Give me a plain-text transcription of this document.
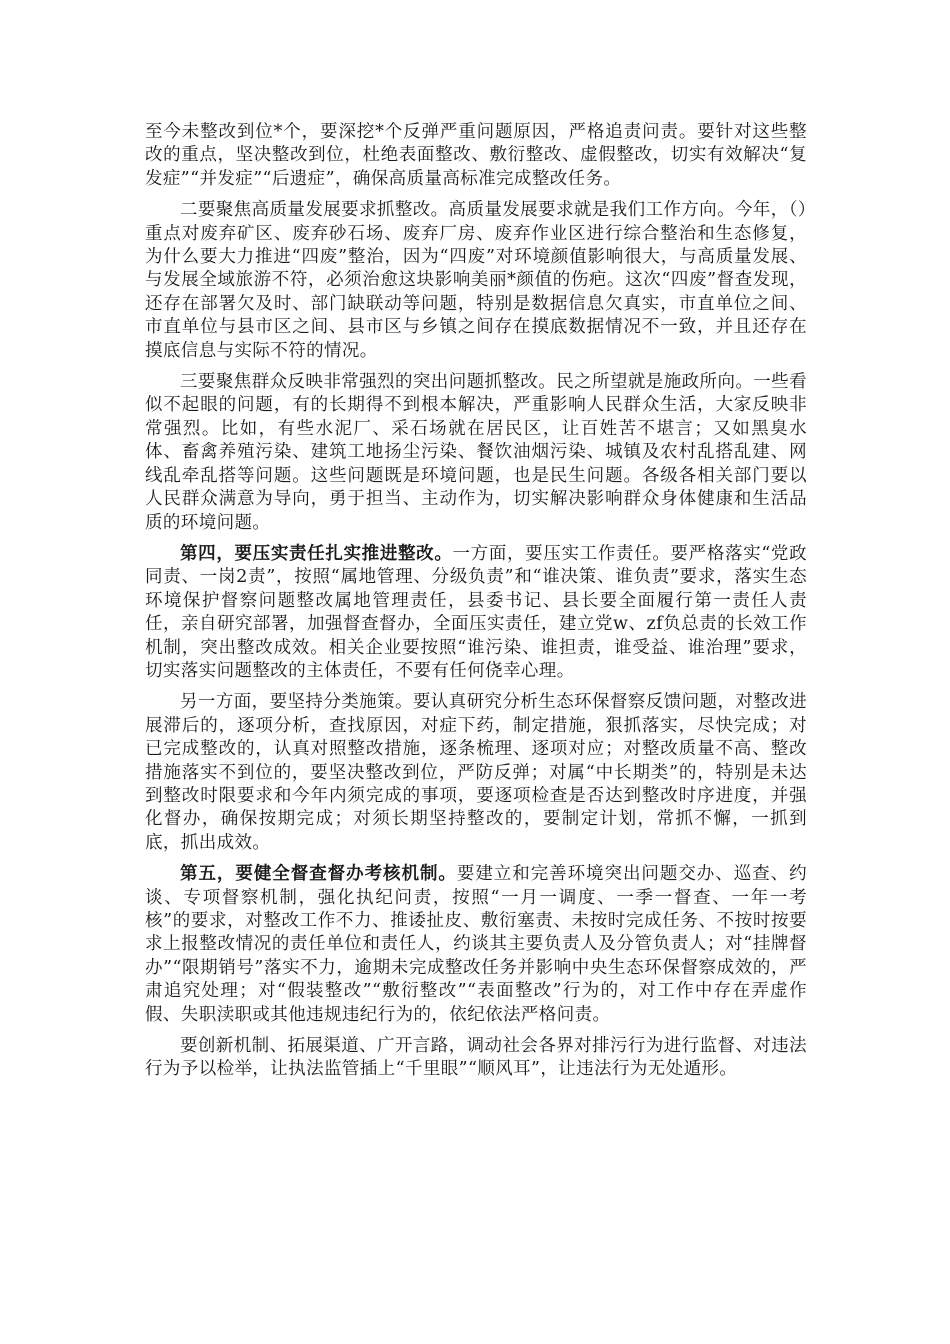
至今未整改到位*个，要深挖*个反弹严重问题原因，严格追责问责。要针对这些整改的重点，坚决整改到位，杜绝表面整改、敷衍整改、虚假整改，切实有效解决“复发症”“并发症”“后遗症”，确保高质量高标准完成整改任务。

二要聚焦高质量发展要求抓整改。高质量发展要求就是我们工作方向。今年，（）重点对废弃矿区、废弃砂石场、废弃厂房、废弃作业区进行综合整治和生态修复，为什么要大力推进“四废”整治，因为“四废”对环境颜值影响很大，与高质量发展、与发展全域旅游不符，必须治愈这块影响美丽*颜值的伤疤。这次“四废”督查发现，还存在部署欠及时、部门缺联动等问题，特别是数据信息欠真实，市直单位之间、市直单位与县市区之间、县市区与乡镇之间存在摸底数据情况不一致，并且还存在摸底信息与实际不符的情况。

三要聚焦群众反映非常强烈的突出问题抓整改。民之所望就是施政所向。一些看似不起眼的问题，有的长期得不到根本解决，严重影响人民群众生活，大家反映非常强烈。比如，有些水泥厂、采石场就在居民区，让百姓苦不堪言；又如黑臭水体、畜禽养殖污染、建筑工地扬尘污染、餐饮油烟污染、城镇及农村乱搭乱建、网线乱牵乱搭等问题。这些问题既是环境问题，也是民生问题。各级各相关部门要以人民群众满意为导向，勇于担当、主动作为，切实解决影响群众身体健康和生活品质的环境问题。

第四，要压实责任扎实推进整改。一方面，要压实工作责任。要严格落实“党政同责、一岗2责”，按照“属地管理、分级负责”和“谁决策、谁负责”要求，落实生态环境保护督察问题整改属地管理责任，县委书记、县长要全面履行第一责任人责任，亲自研究部署，加强督查督办，全面压实责任，建立党w、zf负总责的长效工作机制，突出整改成效。相关企业要按照“谁污染、谁担责，谁受益、谁治理”要求，切实落实问题整改的主体责任，不要有任何侥幸心理。

另一方面，要坚持分类施策。要认真研究分析生态环保督察反馈问题，对整改进展滞后的，逐项分析，查找原因，对症下药，制定措施，狠抓落实，尽快完成；对已完成整改的，认真对照整改措施，逐条梳理、逐项对应；对整改质量不高、整改措施落实不到位的，要坚决整改到位，严防反弹；对属“中长期类”的，特别是未达到整改时限要求和今年内须完成的事项，要逐项检查是否达到整改时序进度，并强化督办，确保按期完成；对须长期坚持整改的，要制定计划，常抓不懈，一抓到底，抓出成效。

第五，要健全督查督办考核机制。要建立和完善环境突出问题交办、巡查、约谈、专项督察机制，强化执纪问责，按照“一月一调度、一季一督查、一年一考核”的要求，对整改工作不力、推诿扯皮、敷衍塞责、未按时完成任务、不按时按要求上报整改情况的责任单位和责任人，约谈其主要负责人及分管负责人；对“挂牌督办”“限期销号”落实不力，逾期未完成整改任务并影响中央生态环保督察成效的，严肃追究处理；对“假装整改”“敷衍整改”“表面整改”行为的，对工作中存在弄虚作假、失职渎职或其他违规违纪行为的，依纪依法严格问责。

要创新机制、拓展渠道、广开言路，调动社会各界对排污行为进行监督、对违法行为予以检举，让执法监管插上“千里眼”“顺风耳”，让违法行为无处遁形。
